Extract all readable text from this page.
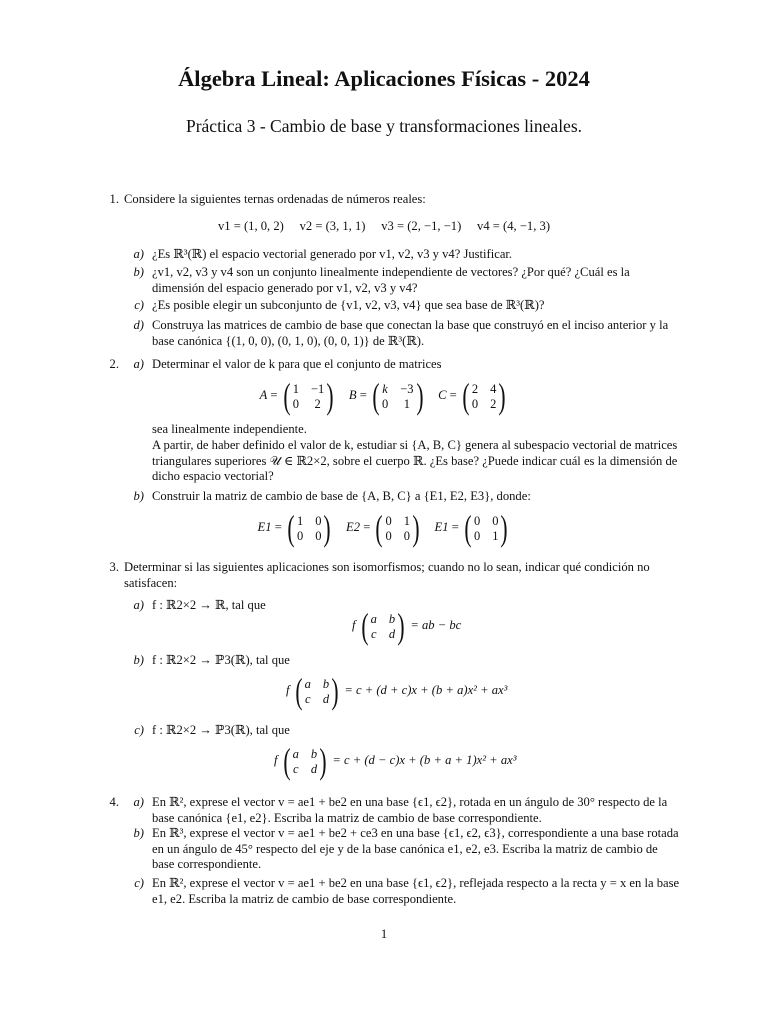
Álgebra Lineal: Aplicaciones Físicas - 2024
Práctica 3 - Cambio de base y transformaciones lineales.
1. Considere la siguientes ternas ordenadas de números reales:
v1 = (1, 0, 2) v2 = (3, 1, 1) v3 = (2, −1, −1) v4 = (4, −1, 3)
a) ¿Es ℝ³(ℝ) el espacio vectorial generado por v1, v2, v3 y v4? Justificar.
b) ¿v1, v2, v3 y v4 son un conjunto linealmente independiente de vectores? ¿Por qué? ¿Cuál es la dimensión del espacio generado por v1, v2, v3 y v4?
c) ¿Es posible elegir un subconjunto de {v1, v2, v3, v4} que sea base de ℝ³(ℝ)?
d) Construya las matrices de cambio de base que conectan la base que construyó en el inciso anterior y la base canónica {(1, 0, 0), (0, 1, 0), (0, 0, 1)} de ℝ³(ℝ).
2.	a) Determinar el valor de k para que el conjunto de matrices
A = ( 1 −1
0 2 ) B = ( k −3
0 1 ) C = ( 2 4
0 2 )
sea linealmente independiente.
A partir, de haber definido el valor de k, estudiar si {A, B, C} genera al subespacio vectorial de matrices triangulares superiores 𝒰 ∈ ℝ2×2, sobre el cuerpo ℝ. ¿Es base? ¿Puede indicar cuál es la dimensión de dicho espacio vectorial?
b) Construir la matriz de cambio de base de {A, B, C} a {E1, E2, E3}, donde:
E1 = ( 1 0
0 0 ) E2 = ( 0 1
0 0 ) E1 = ( 0 0
0 1 )
3. Determinar si las siguientes aplicaciones son isomorfismos; cuando no lo sean, indicar qué condición no satisfacen:
a) f : ℝ2×2 → ℝ, tal que
f ( a b
c d ) = ab − bc
b) f : ℝ2×2 → ℙ3(ℝ), tal que
f ( a b
c d ) = c + (d + c)x + (b + a)x² + ax³
c) f : ℝ2×2 → ℙ3(ℝ), tal que
f ( a b
c d ) = c + (d − c)x + (b + a + 1)x² + ax³
4.	a) En ℝ², exprese el vector v = ae1 + be2 en una base {ϵ1, ϵ2}, rotada en un ángulo de 30° respecto de la base canónica {e1, e2}. Escriba la matriz de cambio de base correspondiente.
b) En ℝ³, exprese el vector v = ae1 + be2 + ce3 en una base {ϵ1, ϵ2, ϵ3}, correspondiente a una base rotada en un ángulo de 45° respecto del eje y de la base canónica e1, e2, e3. Escriba la matriz de cambio de base correspondiente.
c) En ℝ², exprese el vector v = ae1 + be2 en una base {ϵ1, ϵ2}, reflejada respecto a la recta y = x en la base e1, e2. Escriba la matriz de cambio de base correspondiente.
1
